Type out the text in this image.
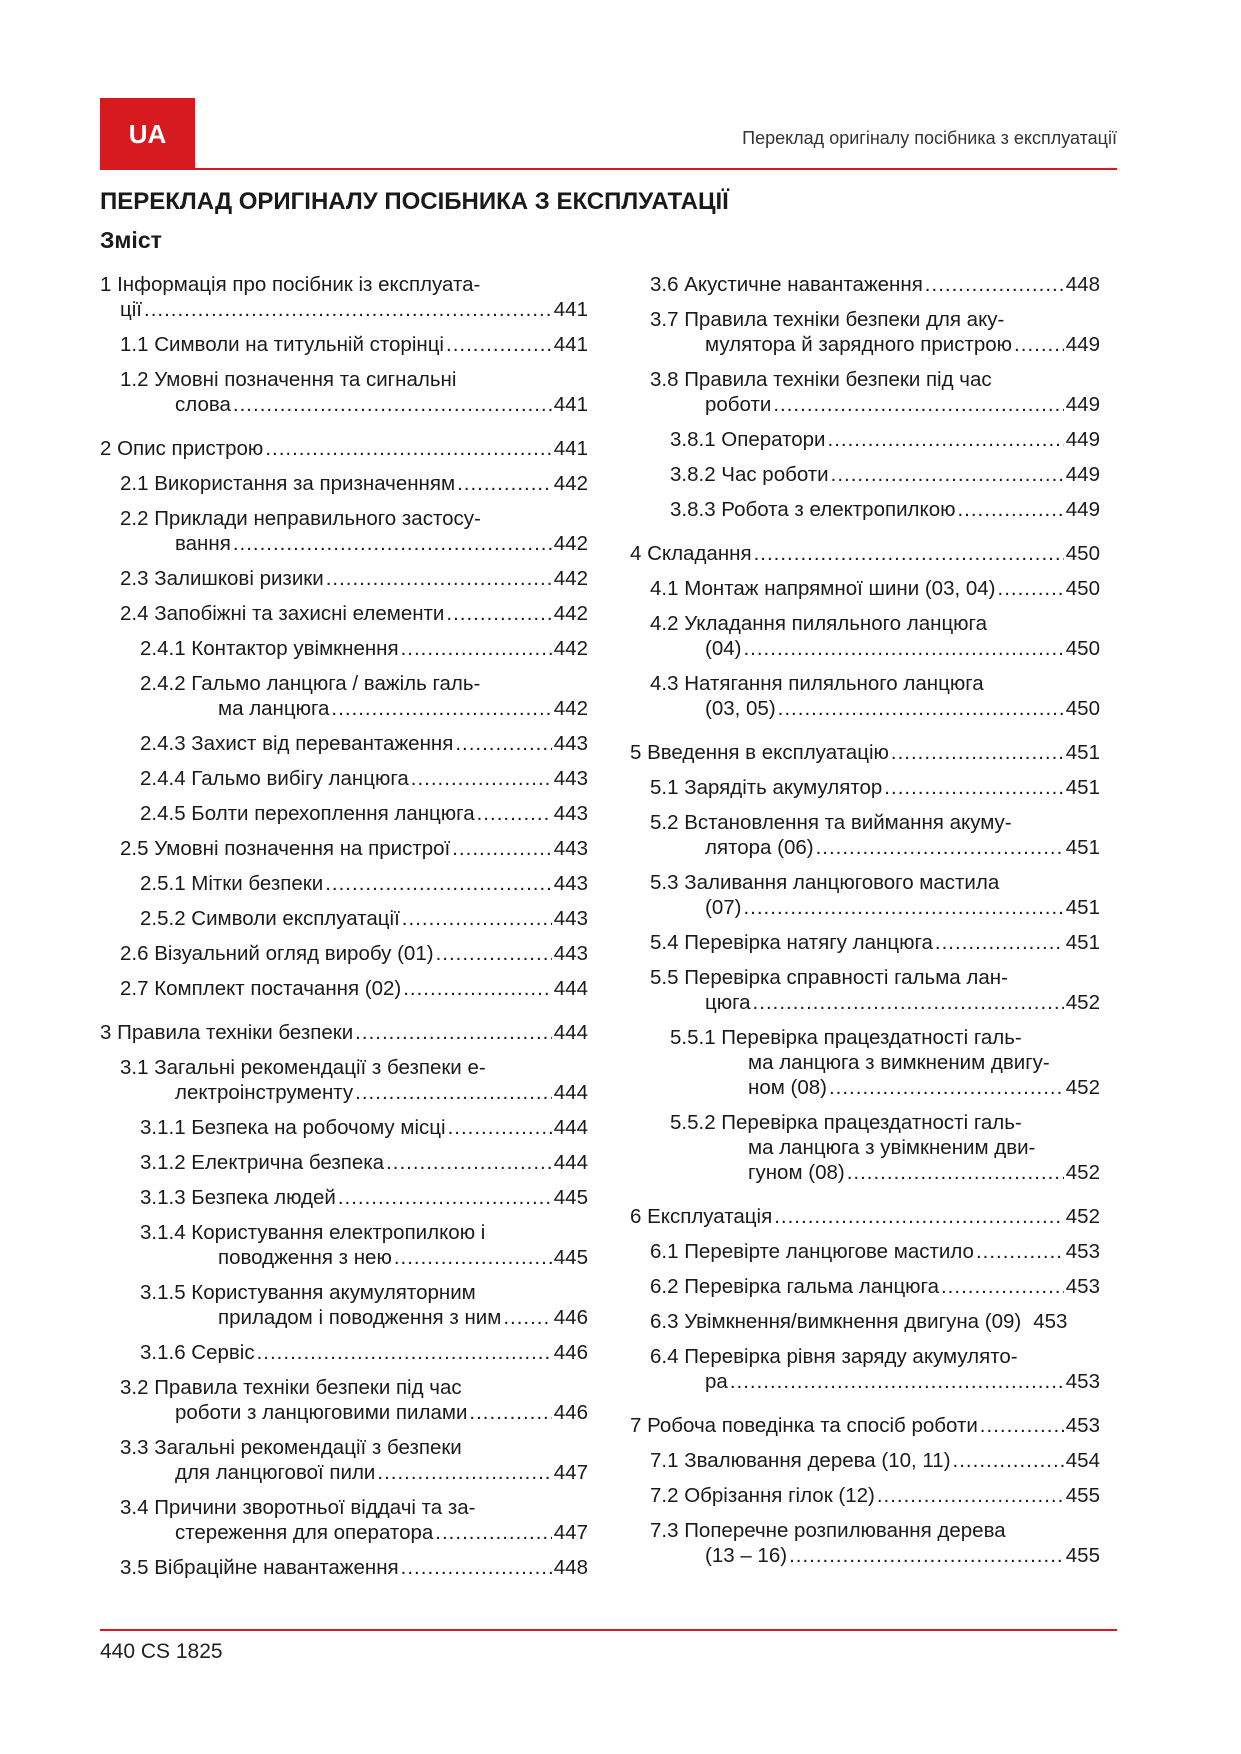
UA	Переклад оригіналу посібника з експлуатації
ПЕРЕКЛАД ОРИГІНАЛУ ПОСІБНИКА З ЕКСПЛУАТАЦІЇ
Зміст
1 Інформація про посібник із експлуата-
ції .....	441
1.1 Символи на титульній сторінці .....	441
1.2 Умовні позначення та сигнальні
слова .....	441
2 Опис пристрою .....	441
2.1 Використання за призначенням .....	442
2.2 Приклади неправильного застосу-
вання .....	442
2.3 Залишкові ризики .....	442
2.4 Запобіжні та захисні елементи .....	442
2.4.1 Контактор увімкнення .....	442
2.4.2 Гальмо ланцюга / важіль галь-
ма ланцюга .....	442
2.4.3 Захист від перевантаження .....	443
2.4.4 Гальмо вибігу ланцюга .....	443
2.4.5 Болти перехоплення ланцюга .....	443
2.5 Умовні позначення на пристрої .....	443
2.5.1 Мітки безпеки .....	443
2.5.2 Символи експлуатації .....	443
2.6 Візуальний огляд виробу (01) .....	443
2.7 Комплект постачання (02) .....	444
3 Правила техніки безпеки .....	444
3.1 Загальні рекомендації з безпеки е-
лектроінструменту .....	444
3.1.1 Безпека на робочому місці .....	444
3.1.2 Електрична безпека .....	444
3.1.3 Безпека людей .....	445
3.1.4 Користування електропилкою і
поводження з нею .....	445
3.1.5 Користування акумуляторним
приладом і поводження з ним .....	446
3.1.6 Сервіс .....	446
3.2 Правила техніки безпеки під час
роботи з ланцюговими пилами .....	446
3.3 Загальні рекомендації з безпеки
для ланцюгової пили .....	447
3.4 Причини зворотньої віддачі та за-
стереження для оператора .....	447
3.5 Вібраційне навантаження .....	448
3.6 Акустичне навантаження .....	448
3.7 Правила техніки безпеки для аку-
мулятора й зарядного пристрою .....	449
3.8 Правила техніки безпеки під час
роботи .....	449
3.8.1 Оператори .....	449
3.8.2 Час роботи .....	449
3.8.3 Робота з електропилкою .....	449
4 Складання .....	450
4.1 Монтаж напрямної шини (03, 04) .....	450
4.2 Укладання пиляльного ланцюга
(04) .....	450
4.3 Натягання пиляльного ланцюга
(03, 05) .....	450
5 Введення в експлуатацію .....	451
5.1 Зарядіть акумулятор .....	451
5.2 Встановлення та виймання акуму-
лятора (06) .....	451
5.3 Заливання ланцюгового мастила
(07) .....	451
5.4 Перевірка натягу ланцюга .....	451
5.5 Перевірка справності гальма лан-
цюга .....	452
5.5.1 Перевірка працездатності галь-
ма ланцюга з вимкненим двигу-
ном (08) .....	452
5.5.2 Перевірка працездатності галь-
ма ланцюга з увімкненим дви-
гуном (08) .....	452
6 Експлуатація .....	452
6.1 Перевірте ланцюгове мастило .....	453
6.2 Перевірка гальма ланцюга .....	453
6.3 Увімкнення/вимкнення двигуна (09) 453
6.4 Перевірка рівня заряду акумулято-
ра .....	453
7 Робоча поведінка та спосіб роботи .....	453
7.1 Звалювання дерева (10, 11) .....	454
7.2 Обрізання гілок (12) .....	455
7.3 Поперечне розпилювання дерева
(13 – 16) .....	455
440 CS 1825
